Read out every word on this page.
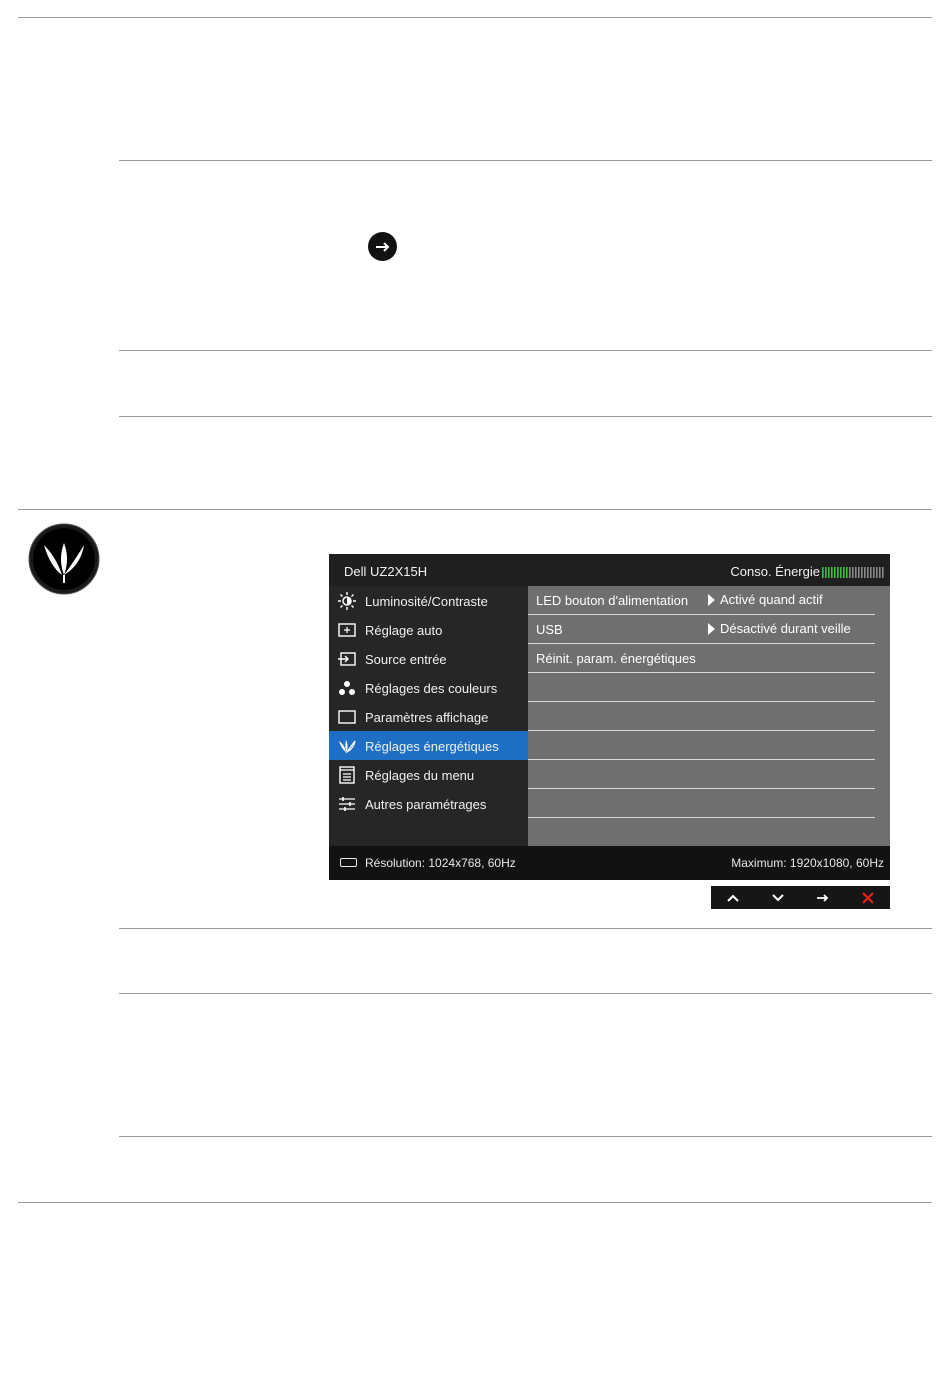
Dell UZ2X15H	Conso. Énergie
Luminosité/Contraste
Réglage auto
Source entrée
Réglages des couleurs
Paramètres affichage
Réglages énergétiques
Réglages du menu
Autres paramétrages
LED bouton d'alimentation Activé quand actif
USB	Désactivé durant veille
Réinit. param. énergétiques
Résolution: 1024x768, 60Hz	Maximum: 1920x1080, 60Hz
